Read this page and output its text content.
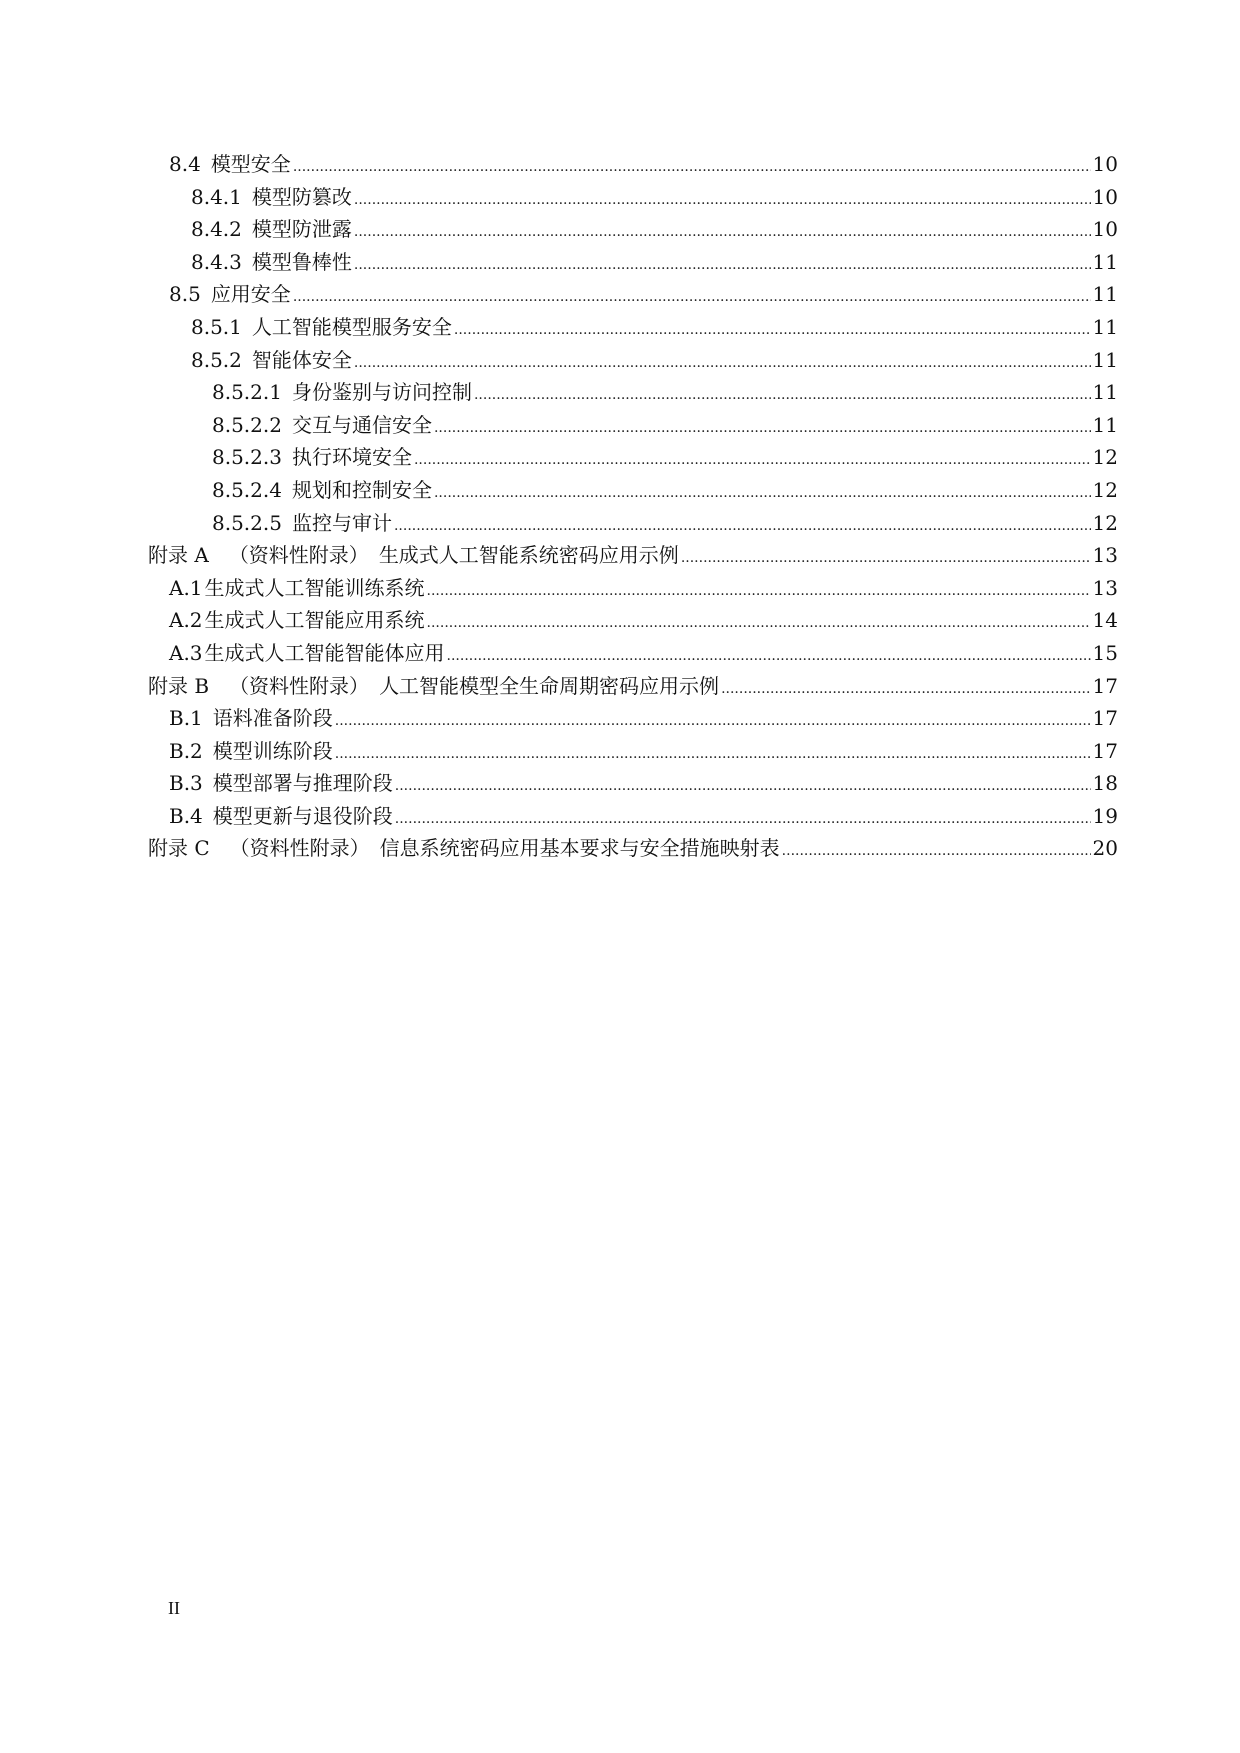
8.4 模型安全 .....	10
8.4.1 模型防篡改 .....	10
8.4.2 模型防泄露 .....	10
8.4.3 模型鲁棒性 .....	11
8.5 应用安全 .....	11
8.5.1 人工智能模型服务安全 .....	11
8.5.2 智能体安全 .....	11
8.5.2.1 身份鉴别与访问控制 .....	11
8.5.2.2 交互与通信安全 .....	11
8.5.2.3 执行环境安全 .....	12
8.5.2.4 规划和控制安全 .....	12
8.5.2.5 监控与审计 .....	12
附录 A （资料性附录） 生成式人工智能系统密码应用示例 .....	13
A.1 生成式人工智能训练系统 .....	13
A.2 生成式人工智能应用系统 .....	14
A.3 生成式人工智能智能体应用 .....	15
附录 B （资料性附录） 人工智能模型全生命周期密码应用示例 .....	17
B.1 语料准备阶段 .....	17
B.2 模型训练阶段 .....	17
B.3 模型部署与推理阶段 .....	18
B.4 模型更新与退役阶段 .....	19
附录 C （资料性附录） 信息系统密码应用基本要求与安全措施映射表 .....	20
II
